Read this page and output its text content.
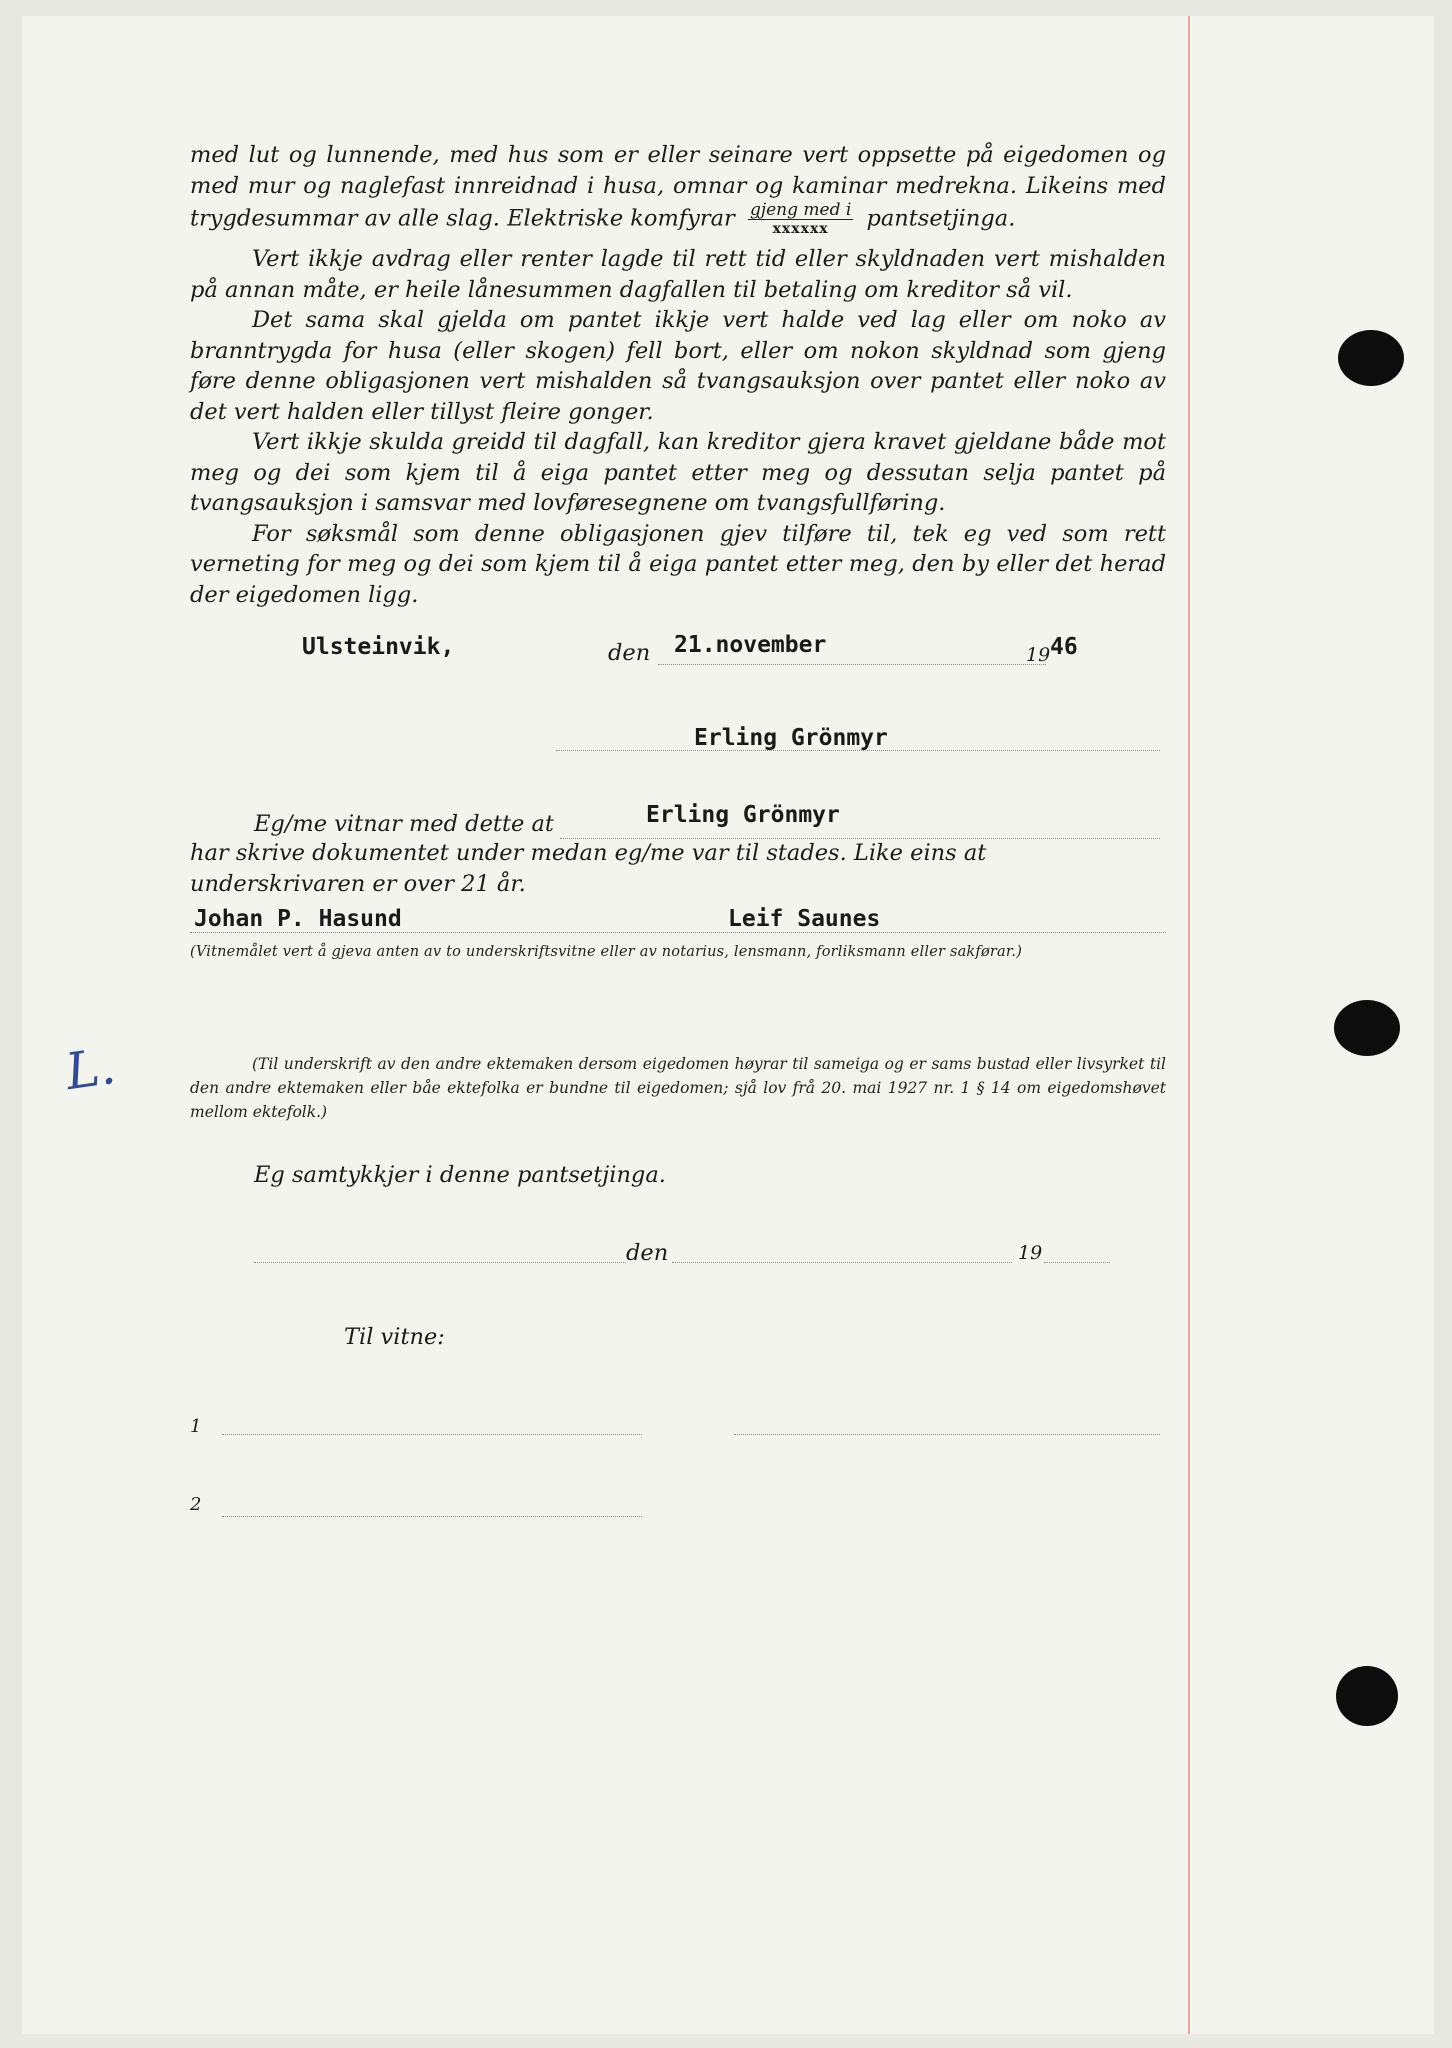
med lut og lunnende, med hus som er eller seinare vert oppsette på eigedomen og med mur og naglefast innreidnad i husa, omnar og kaminar medrekna. Likeins med trygdesummar av alle slag. Elektriske komfyrar $\frac{\text{gjeng med i}}{\text{xxxxxx}}$ pantsetjinga.

Vert ikkje avdrag eller renter lagde til rett tid eller skyldnaden vert mishalden på annan måte, er heile lånesummen dagfallen til betaling om kreditor så vil.

Det sama skal gjelda om pantet ikkje vert halde ved lag eller om noko av branntrygda for husa (eller skogen) fell bort, eller om nokon skyldnad som gjeng føre denne obligasjonen vert mishalden så tvangsauksjon over pantet eller noko av det vert halden eller tillyst fleire gonger.

Vert ikkje skulda greidd til dagfall, kan kreditor gjera kravet gjeldane både mot meg og dei som kjem til å eiga pantet etter meg og dessutan selja pantet på tvangsauksjon i samsvar med lovføresegnene om tvangsfullføring.

For søksmål som denne obligasjonen gjev tilføre til, tek eg ved som rett verneting for meg og dei som kjem til å eiga pantet etter meg, den by eller det herad der eigedomen ligg.

Ulsteinvik,	den 21.november	19 46
Erling Grönmyr
Eg/me vitnar med dette at	Erling Grönmyr
har skrive dokumentet under medan eg/me var til stades. Like eins at underskrivaren er over 21 år.
Johan P. Hasund	Leif Saunes
(Vitnemålet vert å gjeva anten av to underskriftsvitne eller av notarius, lensmann, forliksmann eller sakførar.)
L.	(Til underskrift av den andre ektemaken dersom eigedomen høyrar til sameiga og er sams bustad eller livsyrket til den andre ektemaken eller båe ektefolka er bundne til eigedomen; sjå lov frå 20. mai 1927 nr. 1 § 14 om eigedomshøvet mellom ektefolk.)

Eg samtykkjer i denne pantsetjinga.
den	19
Til vitne:
1
2
